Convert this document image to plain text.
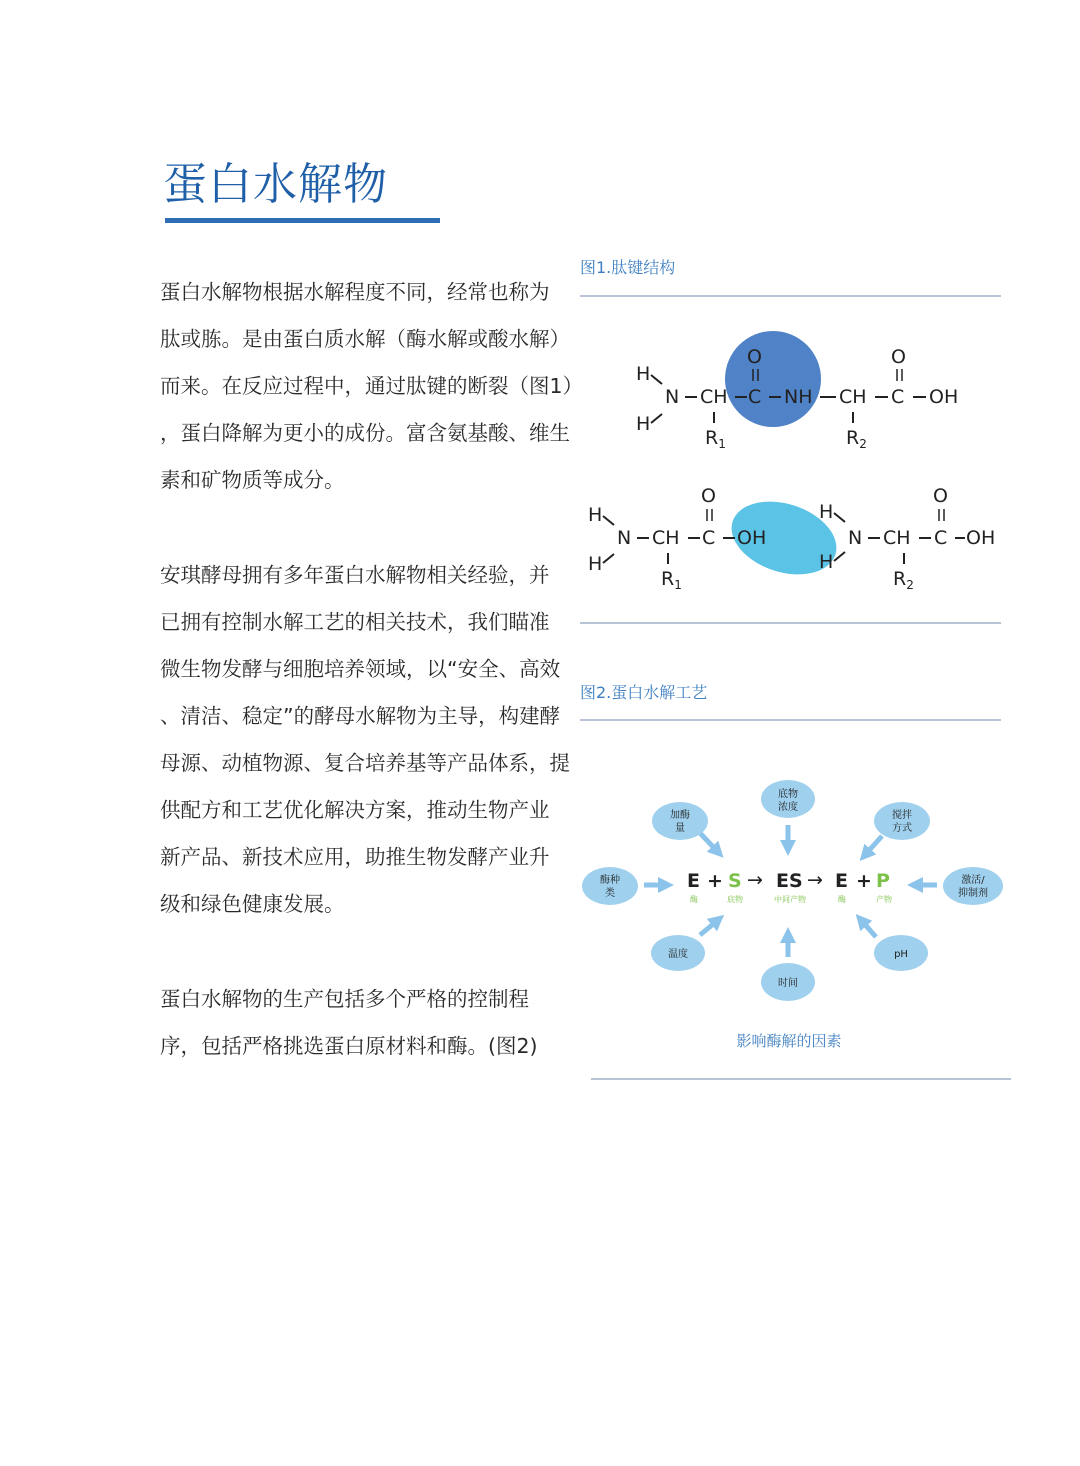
蛋白水解物
蛋白水解物根据水解程度不同，经常也称为
肽或胨。是由蛋白质水解（酶水解或酸水解）
而来。在反应过程中，通过肽键的断裂（图1）
，蛋白降解为更小的成份。富含氨基酸、维生
素和矿物质等成分。
安琪酵母拥有多年蛋白水解物相关经验，并
已拥有控制水解工艺的相关技术，我们瞄准
微生物发酵与细胞培养领域，以“安全、高效
、清洁、稳定”的酵母水解物为主导，构建酵
母源、动植物源、复合培养基等产品体系，提
供配方和工艺优化解决方案，推动生物产业
新产品、新技术应用，助推生物发酵产业升
级和绿色健康发展。
蛋白水解物的生产包括多个严格的控制程
序，包括严格挑选蛋白原材料和酶。(图2)
图1.肽键结构
图2.蛋白水解工艺
H
H
N CH C
O
NH CH C
O
OH
$R_1$	$R_2$
H
H
N CH C
O
OH
$R_1$
H
H
N CH C
O
OH
$R_2$
加酶
量
底物
浓度
搅拌
方式
酶种
类
激活/
抑制剂
温度
时间
pH
E + S → ES → E + P
酶	底物	中间产物	酶	产物
影响酶解的因素
